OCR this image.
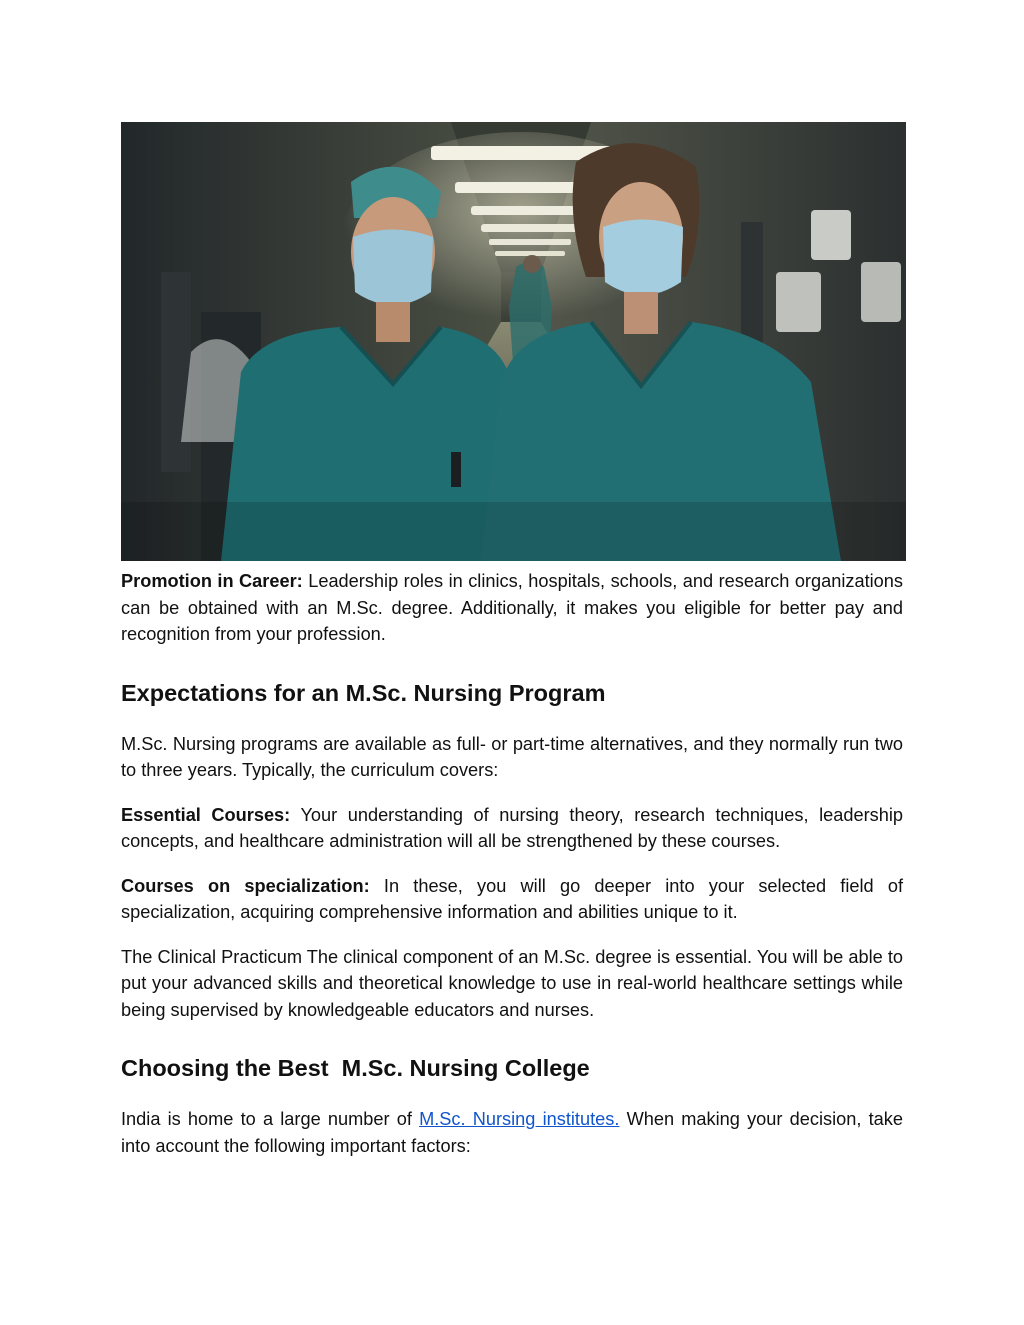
Promotion in Career: Leadership roles in clinics, hospitals, schools, and research organizations can be obtained with an M.Sc. degree. Additionally, it makes you eligible for better pay and recognition from your profession.

Expectations for an M.Sc. Nursing Program

M.Sc. Nursing programs are available as full- or part-time alternatives, and they normally run two to three years. Typically, the curriculum covers:

Essential Courses: Your understanding of nursing theory, research techniques, leadership concepts, and healthcare administration will all be strengthened by these courses.

Courses on specialization: In these, you will go deeper into your selected field of specialization, acquiring comprehensive information and abilities unique to it.

The Clinical Practicum The clinical component of an M.Sc. degree is essential. You will be able to put your advanced skills and theoretical knowledge to use in real-world healthcare settings while being supervised by knowledgeable educators and nurses.

Choosing the Best  M.Sc. Nursing College

India is home to a large number of M.Sc. Nursing institutes. When making your decision, take into account the following important factors:
